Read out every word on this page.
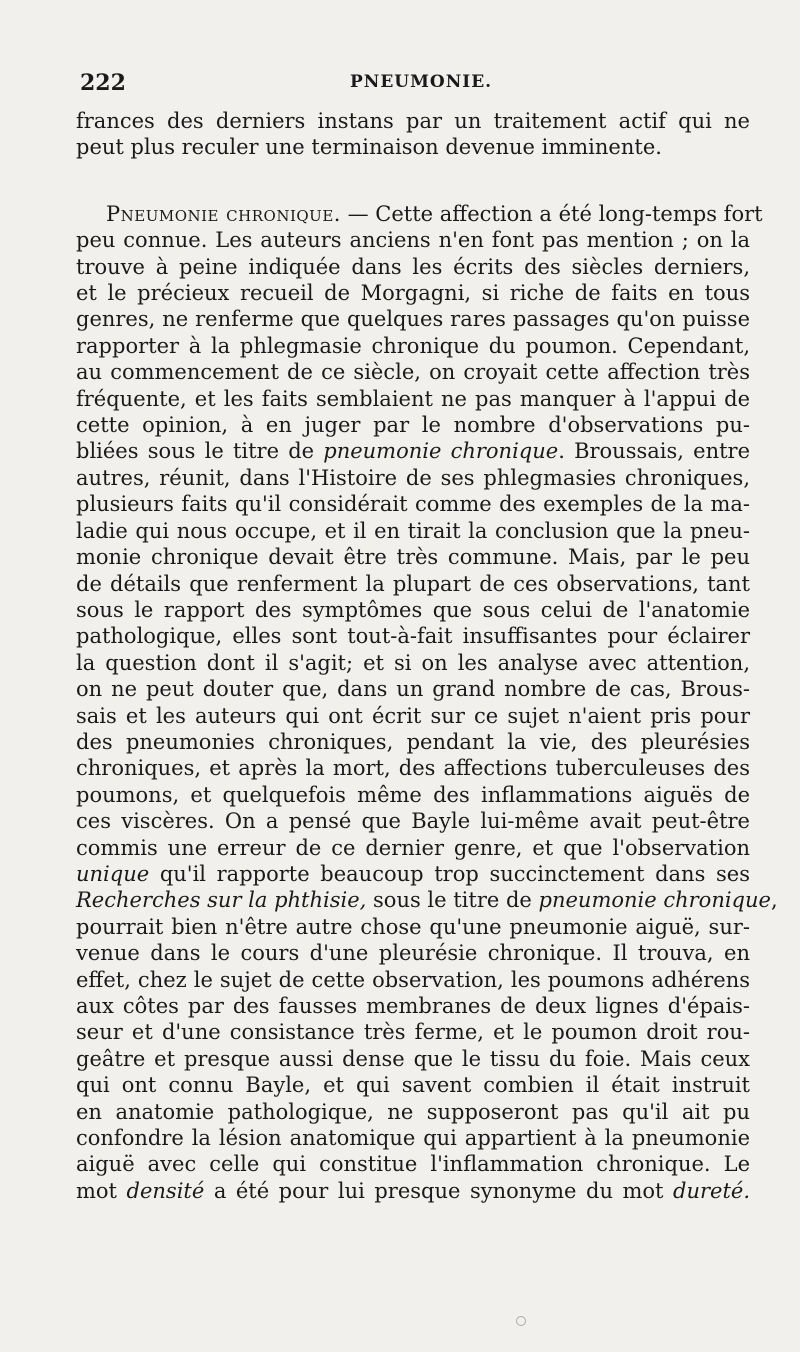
222	PNEUMONIE.
frances des derniers instans par un traitement actif qui ne
peut plus reculer une terminaison devenue imminente.
Pneumonie chronique. — Cette affection a été long-temps fort
peu connue. Les auteurs anciens n'en font pas mention ; on la
trouve à peine indiquée dans les écrits des siècles derniers,
et le précieux recueil de Morgagni, si riche de faits en tous
genres, ne renferme que quelques rares passages qu'on puisse
rapporter à la phlegmasie chronique du poumon. Cependant,
au commencement de ce siècle, on croyait cette affection très
fréquente, et les faits semblaient ne pas manquer à l'appui de
cette opinion, à en juger par le nombre d'observations pu-
bliées sous le titre de pneumonie chronique. Broussais, entre
autres, réunit, dans l'Histoire de ses phlegmasies chroniques,
plusieurs faits qu'il considérait comme des exemples de la ma-
ladie qui nous occupe, et il en tirait la conclusion que la pneu-
monie chronique devait être très commune. Mais, par le peu
de détails que renferment la plupart de ces observations, tant
sous le rapport des symptômes que sous celui de l'anatomie
pathologique, elles sont tout-à-fait insuffisantes pour éclairer
la question dont il s'agit; et si on les analyse avec attention,
on ne peut douter que, dans un grand nombre de cas, Brous-
sais et les auteurs qui ont écrit sur ce sujet n'aient pris pour
des pneumonies chroniques, pendant la vie, des pleurésies
chroniques, et après la mort, des affections tuberculeuses des
poumons, et quelquefois même des inflammations aiguës de
ces viscères. On a pensé que Bayle lui-même avait peut-être
commis une erreur de ce dernier genre, et que l'observation
unique qu'il rapporte beaucoup trop succinctement dans ses
Recherches sur la phthisie, sous le titre de pneumonie chronique,
pourrait bien n'être autre chose qu'une pneumonie aiguë, sur-
venue dans le cours d'une pleurésie chronique. Il trouva, en
effet, chez le sujet de cette observation, les poumons adhérens
aux côtes par des fausses membranes de deux lignes d'épais-
seur et d'une consistance très ferme, et le poumon droit rou-
geâtre et presque aussi dense que le tissu du foie. Mais ceux
qui ont connu Bayle, et qui savent combien il était instruit
en anatomie pathologique, ne supposeront pas qu'il ait pu
confondre la lésion anatomique qui appartient à la pneumonie
aiguë avec celle qui constitue l'inflammation chronique. Le
mot densité a été pour lui presque synonyme du mot dureté.
